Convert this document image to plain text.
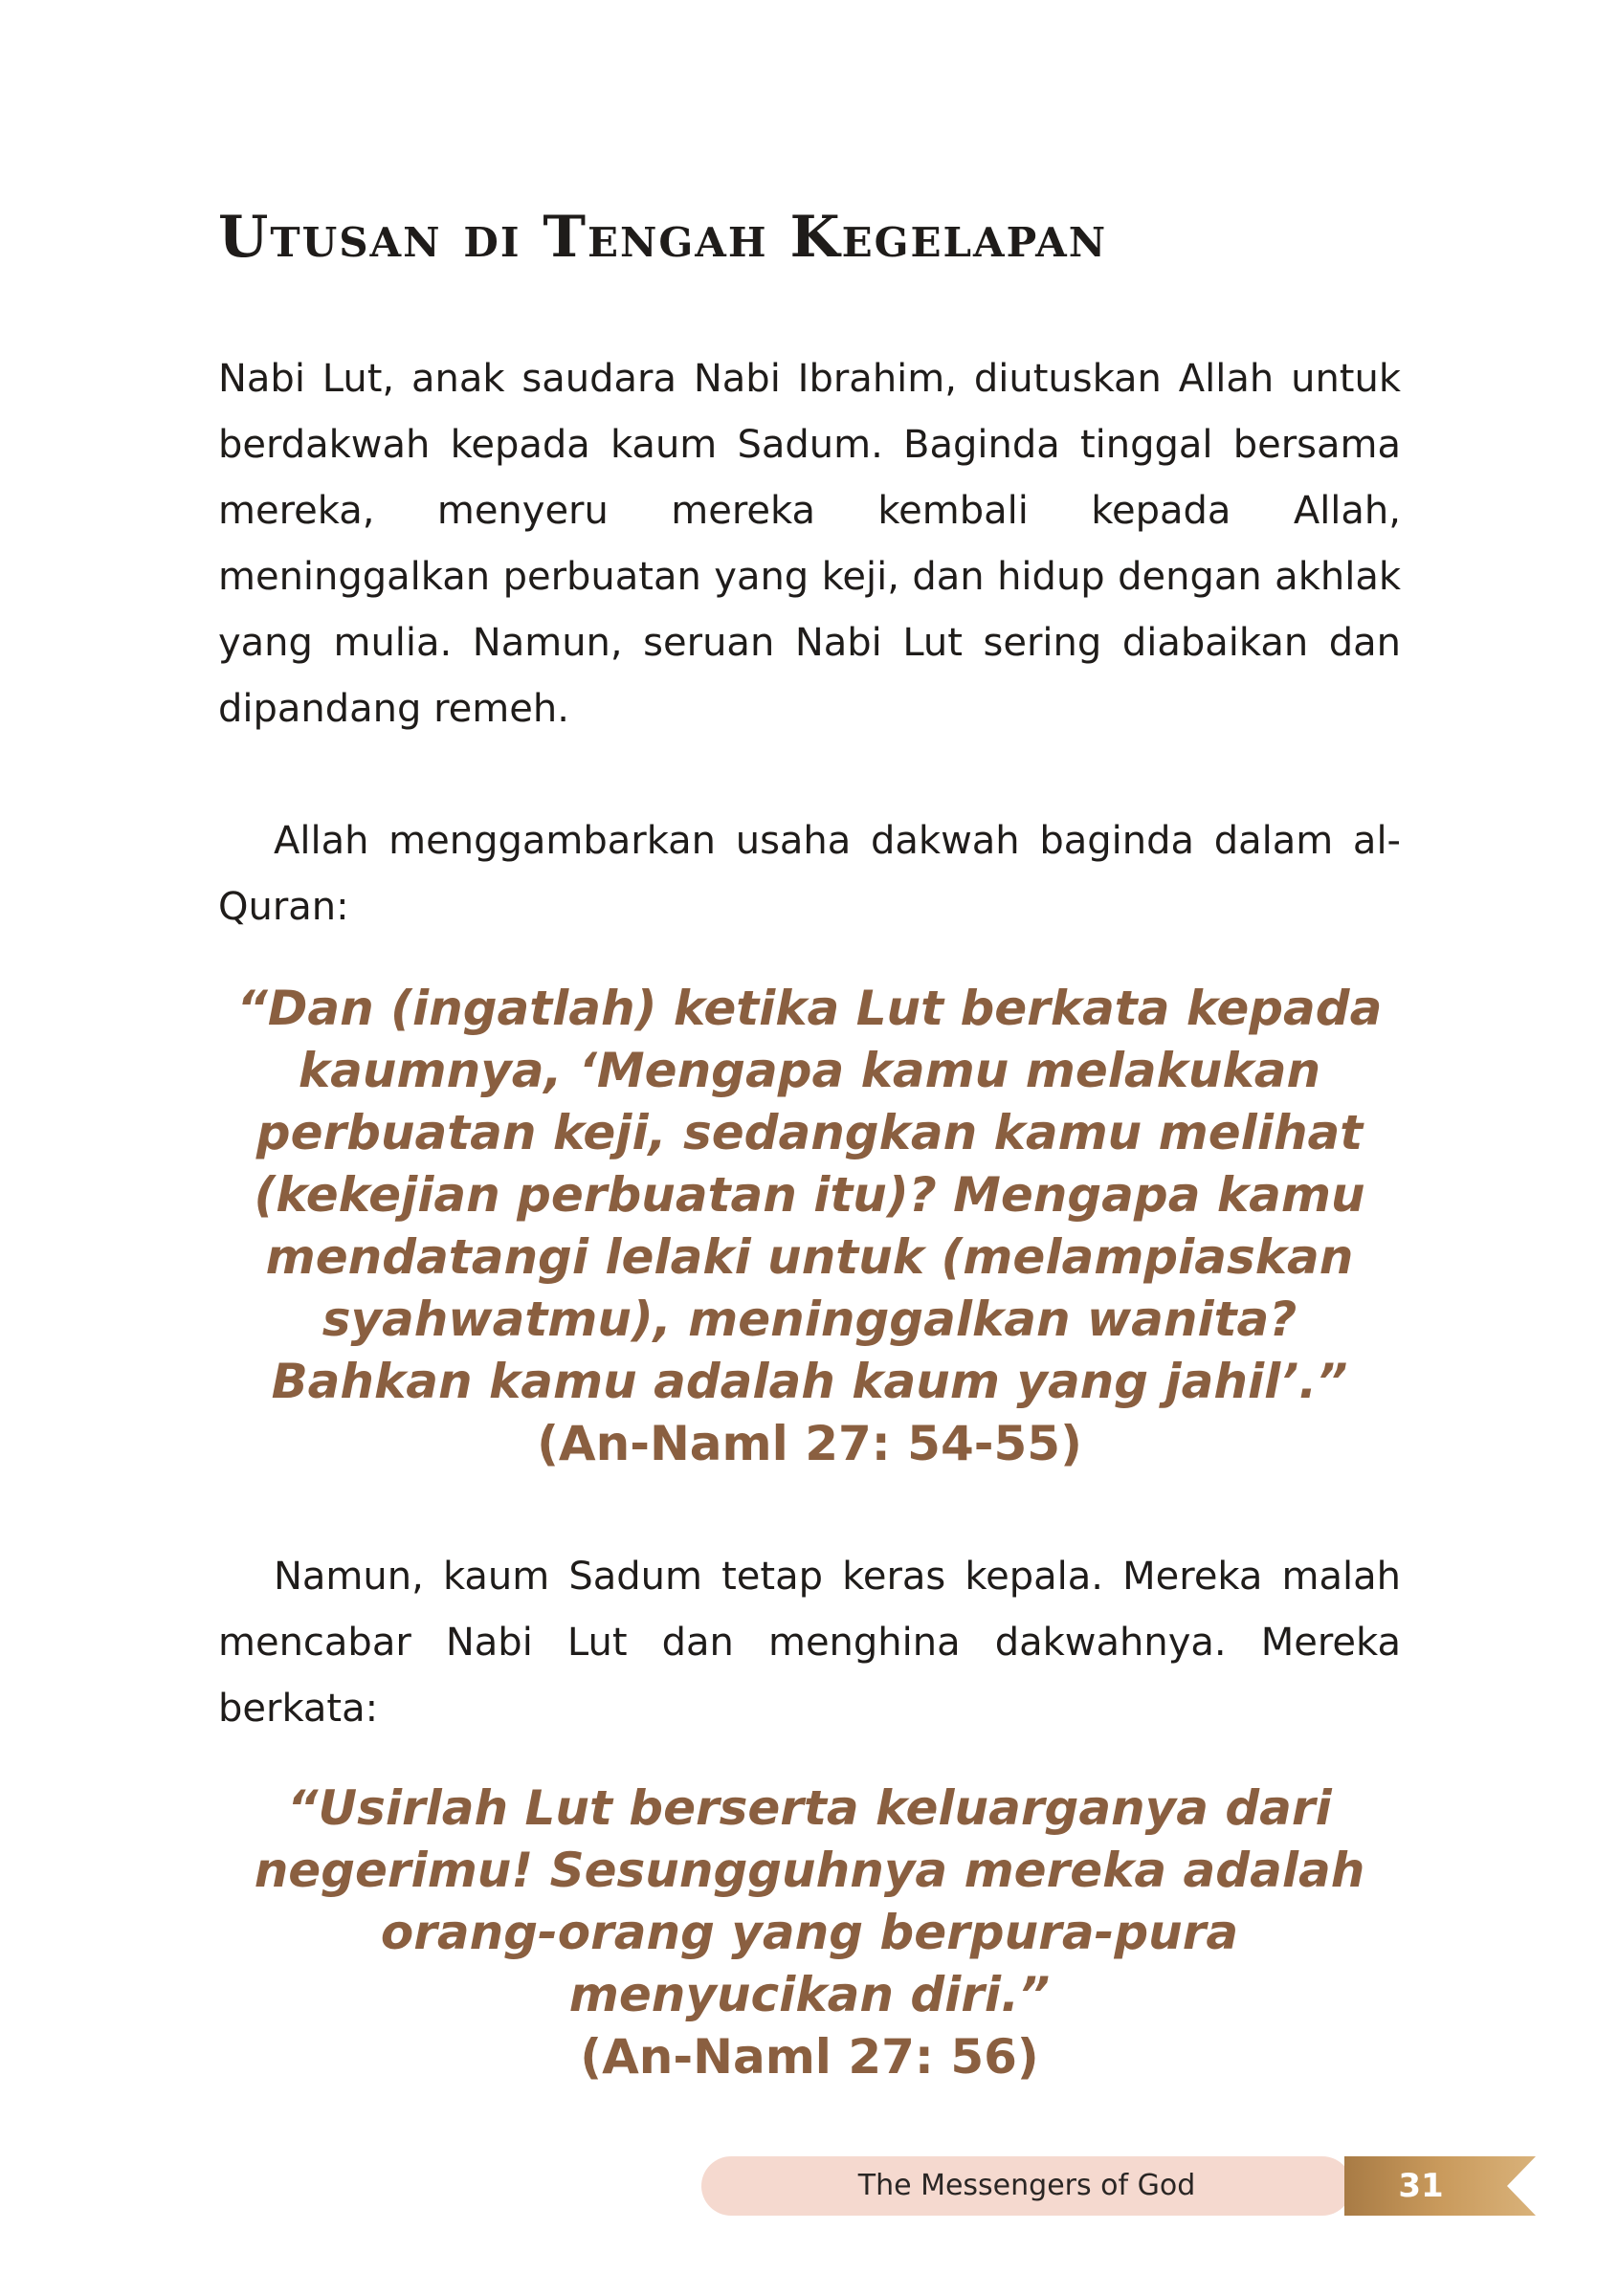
Utusan di Tengah Kegelapan

Nabi Lut, anak saudara Nabi Ibrahim, diutuskan Allah untuk berdakwah kepada kaum Sadum. Baginda tinggal bersama mereka, menyeru mereka kembali kepada Allah, meninggalkan perbuatan yang keji, dan hidup dengan akhlak yang mulia. Namun, seruan Nabi Lut sering diabaikan dan dipandang remeh.

Allah menggambarkan usaha dakwah baginda dalam al-Quran:

“Dan (ingatlah) ketika Lut berkata kepada kaumnya, ‘Mengapa kamu melakukan perbuatan keji, sedangkan kamu melihat (kekejian perbuatan itu)? Mengapa kamu mendatangi lelaki untuk (melampiaskan syahwatmu), meninggalkan wanita? Bahkan kamu adalah kaum yang jahil’.”
(An-Naml 27: 54-55)

Namun, kaum Sadum tetap keras kepala. Mereka malah mencabar Nabi Lut dan menghina dakwahnya. Mereka berkata:

“Usirlah Lut berserta keluarganya dari negerimu! Sesungguhnya mereka adalah orang-orang yang berpura-pura menyucikan diri.”
(An-Naml 27: 56)
The Messengers of God	31
